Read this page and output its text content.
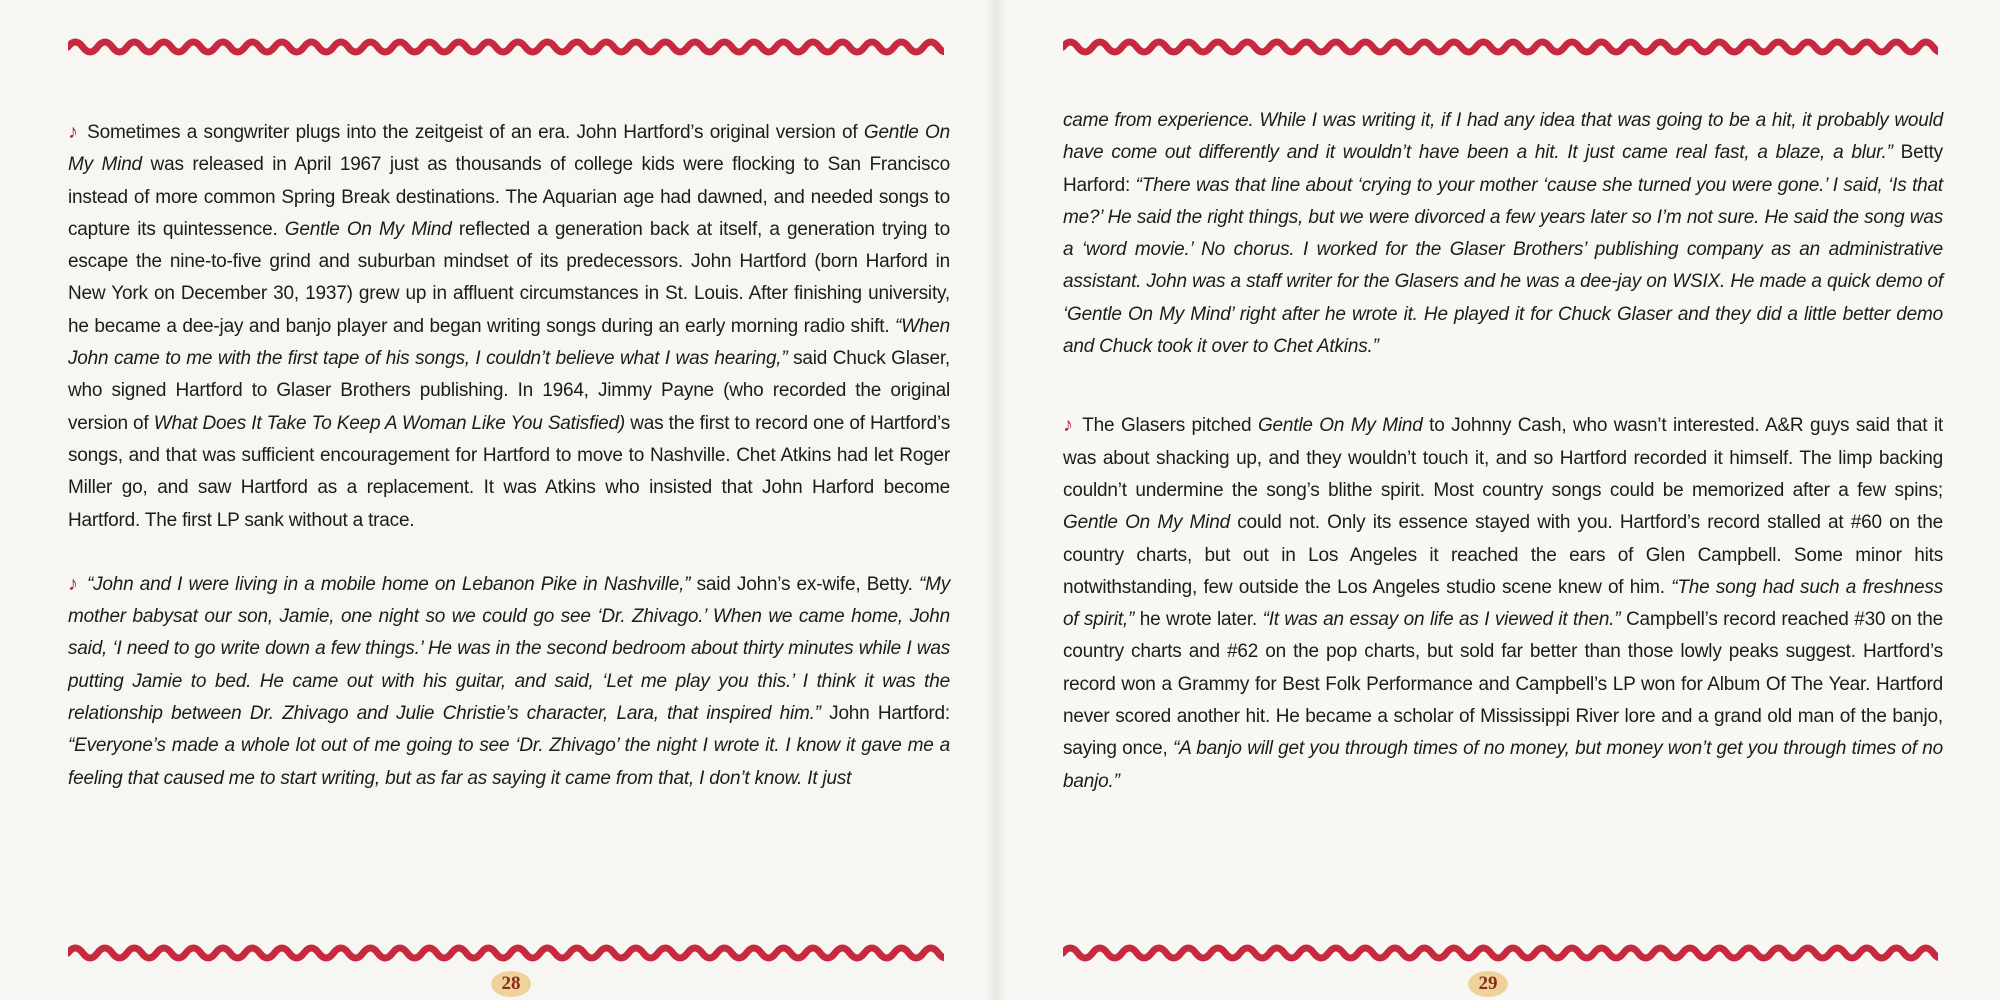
♪ Sometimes a songwriter plugs into the zeitgeist of an era. John Hartford’s original version of Gentle On My Mind was released in April 1967 just as thousands of college kids were flocking to San Francisco instead of more common Spring Break destinations. The Aquarian age had dawned, and needed songs to capture its quintessence. Gentle On My Mind reflected a generation back at itself, a generation trying to escape the nine-to-five grind and suburban mindset of its predecessors. John Hartford (born Harford in New York on December 30, 1937) grew up in affluent circumstances in St. Louis. After finishing university, he became a dee-jay and banjo player and began writing songs during an early morning radio shift. “When John came to me with the first tape of his songs, I couldn’t believe what I was hearing,” said Chuck Glaser, who signed Hartford to Glaser Brothers publishing. In 1964, Jimmy Payne (who recorded the original version of What Does It Take To Keep A Woman Like You Satisfied) was the first to record one of Hartford’s songs, and that was sufficient encouragement for Hartford to move to Nashville. Chet Atkins had let Roger Miller go, and saw Hartford as a replacement. It was Atkins who insisted that John Harford become Hartford. The first LP sank without a trace.

♪ “John and I were living in a mobile home on Lebanon Pike in Nashville,” said John’s ex-wife, Betty. “My mother babysat our son, Jamie, one night so we could go see ‘Dr. Zhivago.’ When we came home, John said, ‘I need to go write down a few things.’ He was in the second bedroom about thirty minutes while I was putting Jamie to bed. He came out with his guitar, and said, ‘Let me play you this.’ I think it was the relationship between Dr. Zhivago and Julie Christie’s character, Lara, that inspired him.” John Hartford: “Everyone’s made a whole lot out of me going to see ‘Dr. Zhivago’ the night I wrote it. I know it gave me a feeling that caused me to start writing, but as far as saying it came from that, I don’t know. It just

came from experience. While I was writing it, if I had any idea that was going to be a hit, it probably would have come out differently and it wouldn’t have been a hit. It just came real fast, a blaze, a blur.” Betty Harford: “There was that line about ‘crying to your mother ‘cause she turned you were gone.’ I said, ‘Is that me?’ He said the right things, but we were divorced a few years later so I’m not sure. He said the song was a ‘word movie.’ No chorus. I worked for the Glaser Brothers’ publishing company as an administrative assistant. John was a staff writer for the Glasers and he was a dee-jay on WSIX. He made a quick demo of ‘Gentle On My Mind’ right after he wrote it. He played it for Chuck Glaser and they did a little better demo and Chuck took it over to Chet Atkins.”

♪ The Glasers pitched Gentle On My Mind to Johnny Cash, who wasn’t interested. A&R guys said that it was about shacking up, and they wouldn’t touch it, and so Hartford recorded it himself. The limp backing couldn’t undermine the song’s blithe spirit. Most country songs could be memorized after a few spins; Gentle On My Mind could not. Only its essence stayed with you. Hartford’s record stalled at #60 on the country charts, but out in Los Angeles it reached the ears of Glen Campbell. Some minor hits notwithstanding, few outside the Los Angeles studio scene knew of him. “The song had such a freshness of spirit,” he wrote later. “It was an essay on life as I viewed it then.” Campbell’s record reached #30 on the country charts and #62 on the pop charts, but sold far better than those lowly peaks suggest. Hartford’s record won a Grammy for Best Folk Performance and Campbell’s LP won for Album Of The Year. Hartford never scored another hit. He became a scholar of Mississippi River lore and a grand old man of the banjo, saying once, “A banjo will get you through times of no money, but money won’t get you through times of no banjo.”

28	29
